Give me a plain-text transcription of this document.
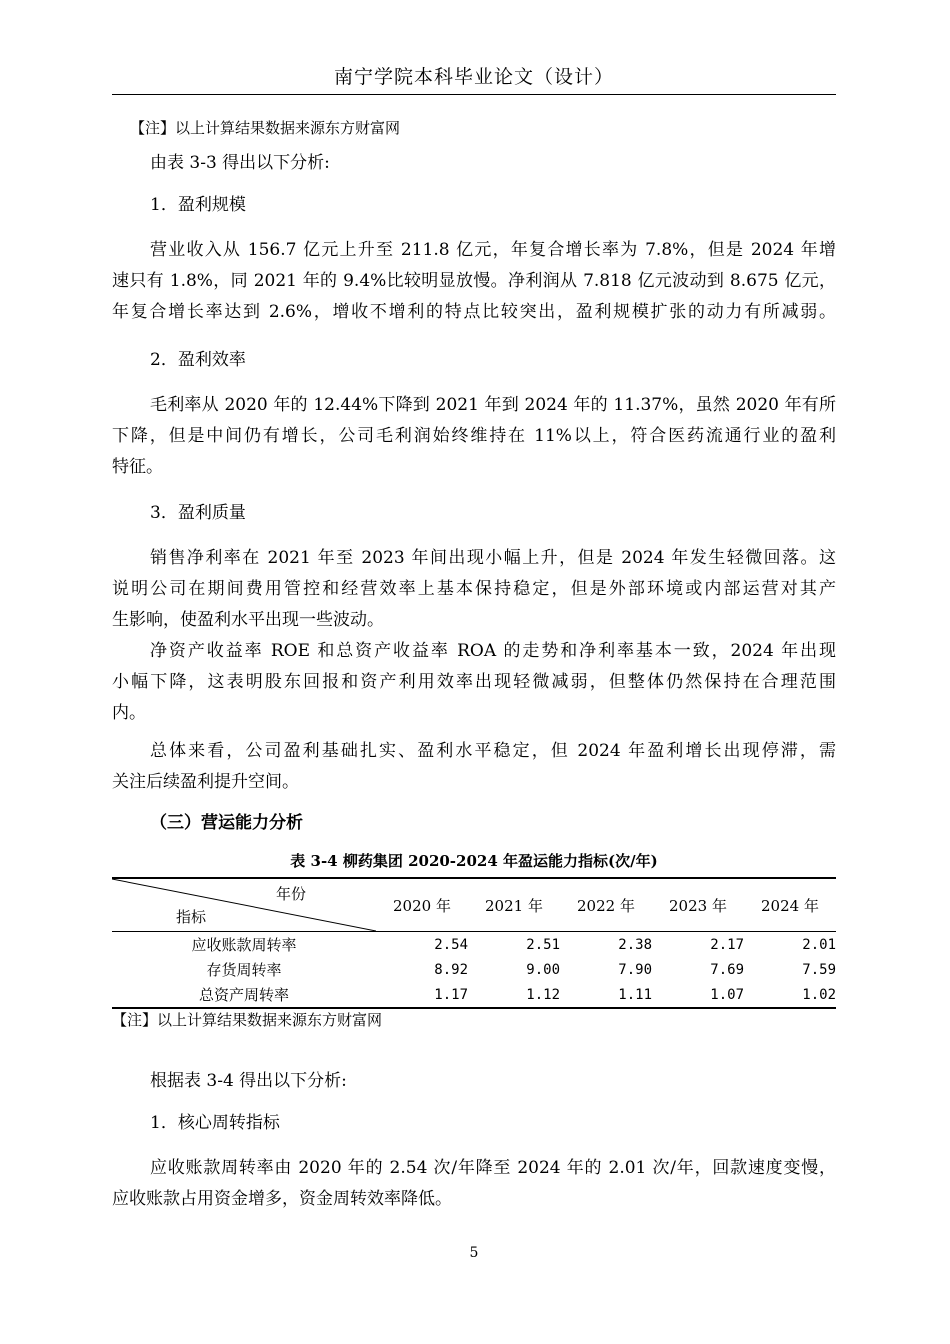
南宁学院本科毕业论文（设计）
【注】以上计算结果数据来源东方财富网
由表 3-3 得出以下分析:
1．盈利规模
营业收入从 156.7 亿元上升至 211.8 亿元，年复合增长率为 7.8%，但是 2024 年增
速只有 1.8%，同 2021 年的 9.4%比较明显放慢。净利润从 7.818 亿元波动到 8.675 亿元，
年复合增长率达到 2.6%，增收不增利的特点比较突出，盈利规模扩张的动力有所减弱。
2．盈利效率
毛利率从 2020 年的 12.44%下降到 2021 年到 2024 年的 11.37%，虽然 2020 年有所
下降，但是中间仍有增长，公司毛利润始终维持在 11%以上，符合医药流通行业的盈利
特征。
3．盈利质量
销售净利率在 2021 年至 2023 年间出现小幅上升，但是 2024 年发生轻微回落。这
说明公司在期间费用管控和经营效率上基本保持稳定，但是外部环境或内部运营对其产
生影响，使盈利水平出现一些波动。
净资产收益率 ROE 和总资产收益率 ROA 的走势和净利率基本一致，2024 年出现
小幅下降，这表明股东回报和资产利用效率出现轻微减弱，但整体仍然保持在合理范围
内。
总体来看，公司盈利基础扎实、盈利水平稳定，但 2024 年盈利增长出现停滞，需
关注后续盈利提升空间。
（三）营运能力分析
表 3-4 柳药集团 2020-2024 年盈运能力指标(次/年)
年份
指标	2020 年	2021 年	2022 年	2023 年	2024 年
应收账款周转率	2.54	2.51	2.38	2.17	2.01
存货周转率	8.92	9.00	7.90	7.69	7.59
总资产周转率	1.17	1.12	1.11	1.07	1.02
【注】以上计算结果数据来源东方财富网
根据表 3-4 得出以下分析:
1．核心周转指标
应收账款周转率由 2020 年的 2.54 次/年降至 2024 年的 2.01 次/年，回款速度变慢，
应收账款占用资金增多，资金周转效率降低。
5
